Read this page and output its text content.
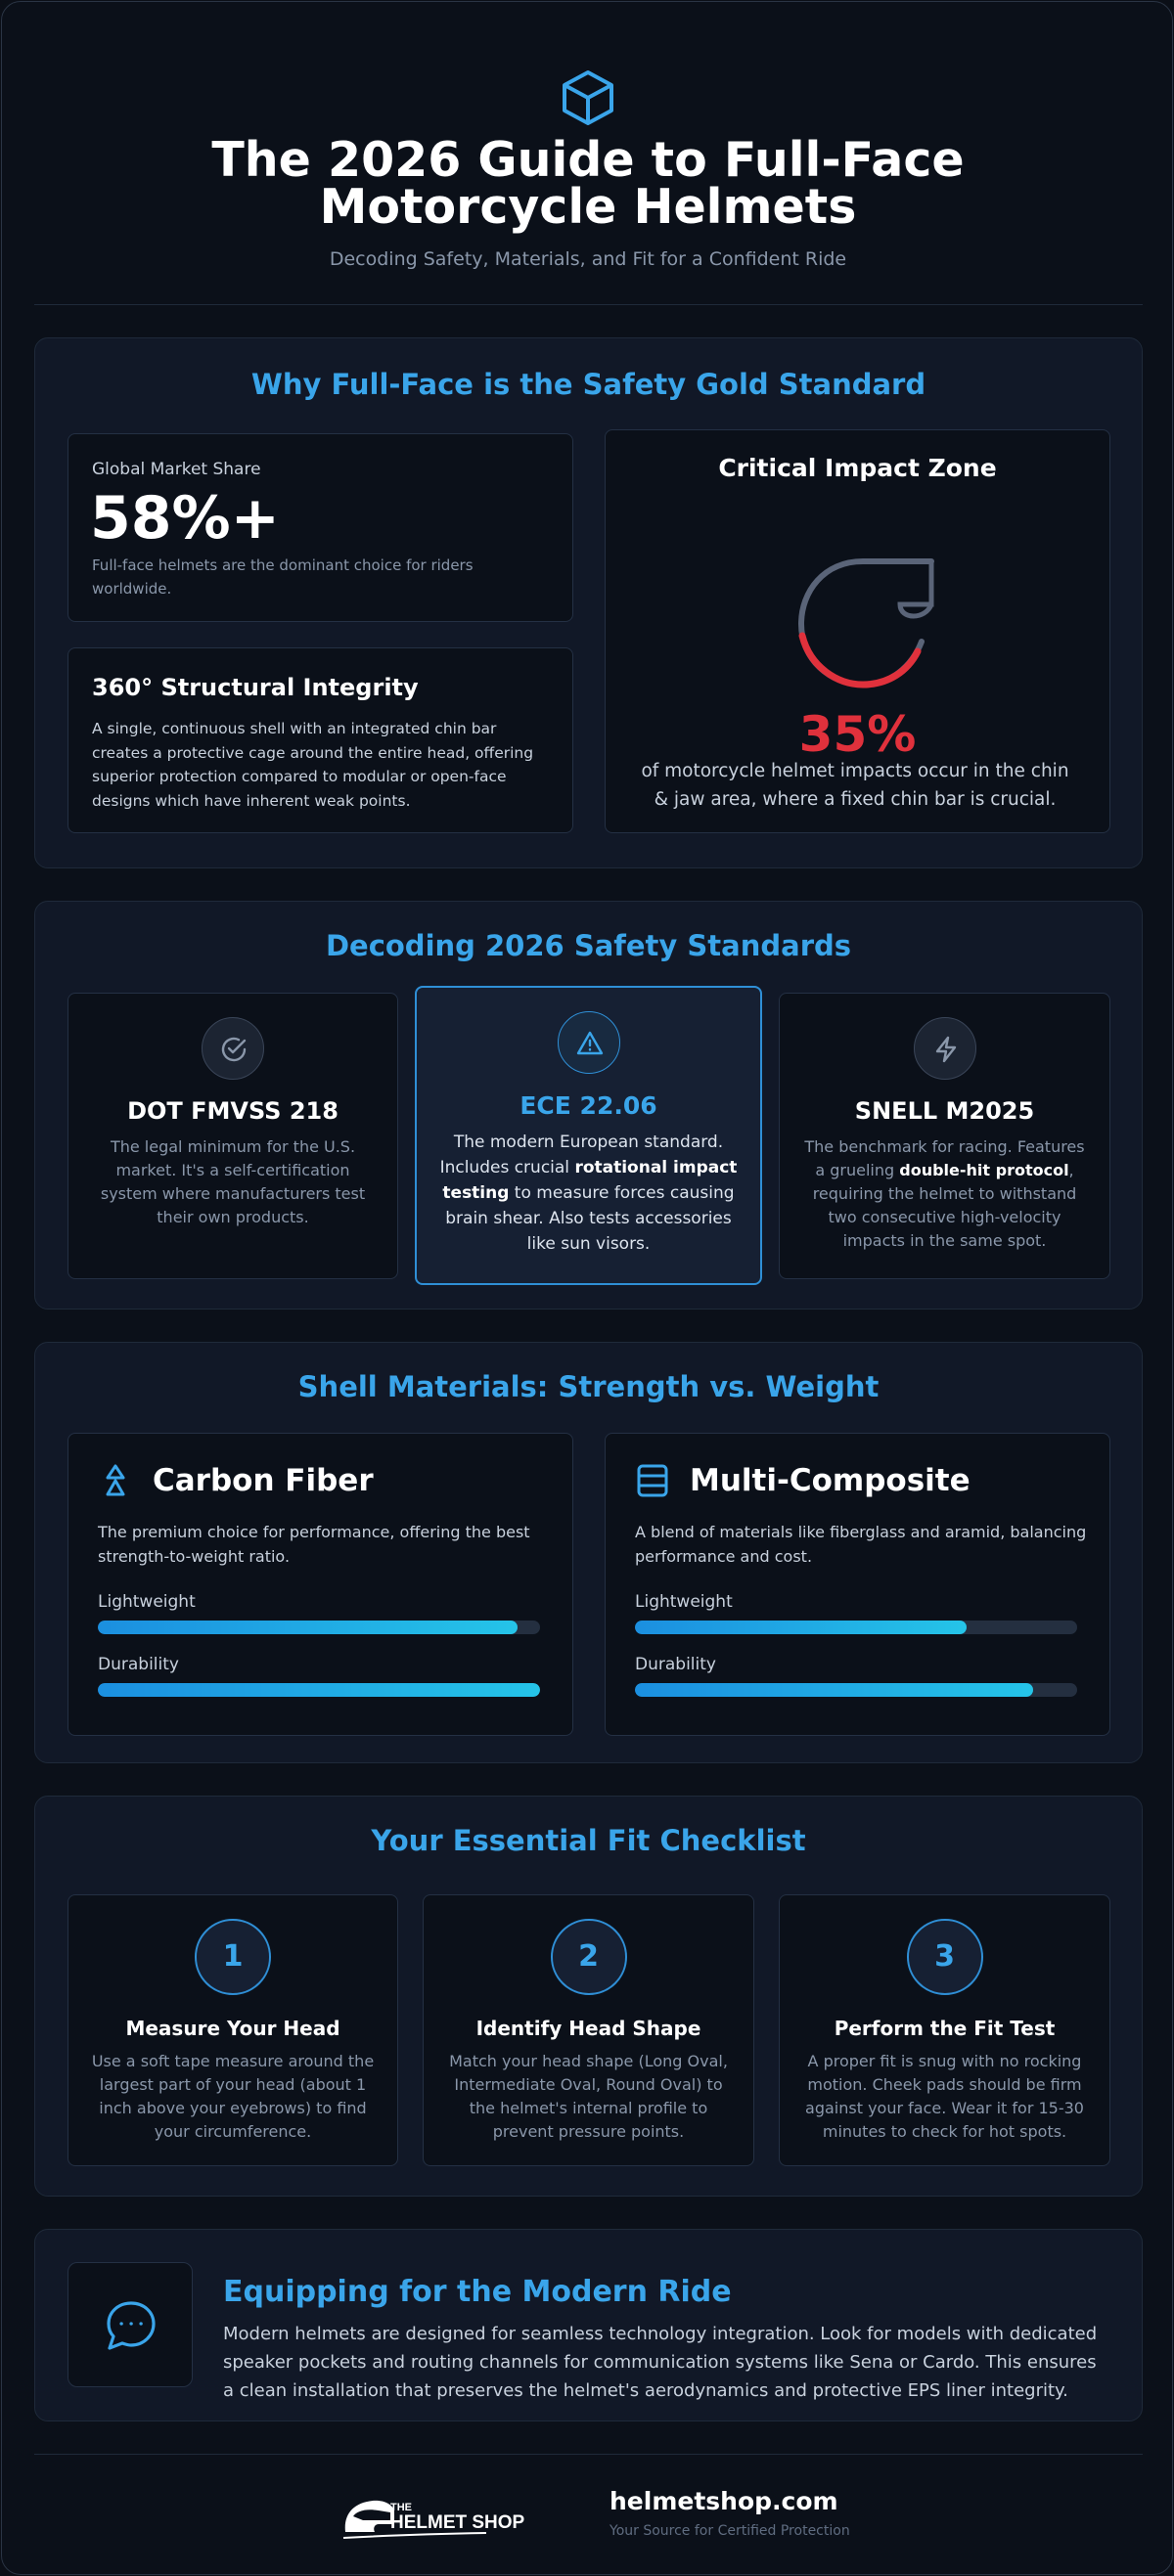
The 2026 Guide to Full-Face Motorcycle Helmets
Decoding Safety, Materials, and Fit for a Confident Ride
Why Full-Face is the Safety Gold Standard
Global Market Share
58%+
Full-face helmets are the dominant choice for riders worldwide.
360° Structural Integrity
A single, continuous shell with an integrated chin bar creates a protective cage around the entire head, offering superior protection compared to modular or open-face designs which have inherent weak points.
Critical Impact Zone
35%
of motorcycle helmet impacts occur in the chin & jaw area, where a fixed chin bar is crucial.
Decoding 2026 Safety Standards
DOT FMVSS 218
The legal minimum for the U.S. market. It's a self-certification system where manufacturers test their own products.
ECE 22.06
The modern European standard. Includes crucial rotational impact testing to measure forces causing brain shear. Also tests accessories like sun visors.
SNELL M2025
The benchmark for racing. Features a grueling double-hit protocol, requiring the helmet to withstand two consecutive high-velocity impacts in the same spot.
Shell Materials: Strength vs. Weight
Carbon Fiber
The premium choice for performance, offering the best strength-to-weight ratio.
Lightweight
Durability
Multi-Composite
A blend of materials like fiberglass and aramid, balancing performance and cost.
Lightweight
Durability
Your Essential Fit Checklist
1
Measure Your Head
Use a soft tape measure around the largest part of your head (about 1 inch above your eyebrows) to find your circumference.
2
Identify Head Shape
Match your head shape (Long Oval, Intermediate Oval, Round Oval) to the helmet's internal profile to prevent pressure points.
3
Perform the Fit Test
A proper fit is snug with no rocking motion. Cheek pads should be firm against your face. Wear it for 15-30 minutes to check for hot spots.
Equipping for the Modern Ride
Modern helmets are designed for seamless technology integration. Look for models with dedicated speaker pockets and routing channels for communication systems like Sena or Cardo. This ensures a clean installation that preserves the helmet's aerodynamics and protective EPS liner integrity.
THE
HELMET SHOP
helmetshop.com
Your Source for Certified Protection
